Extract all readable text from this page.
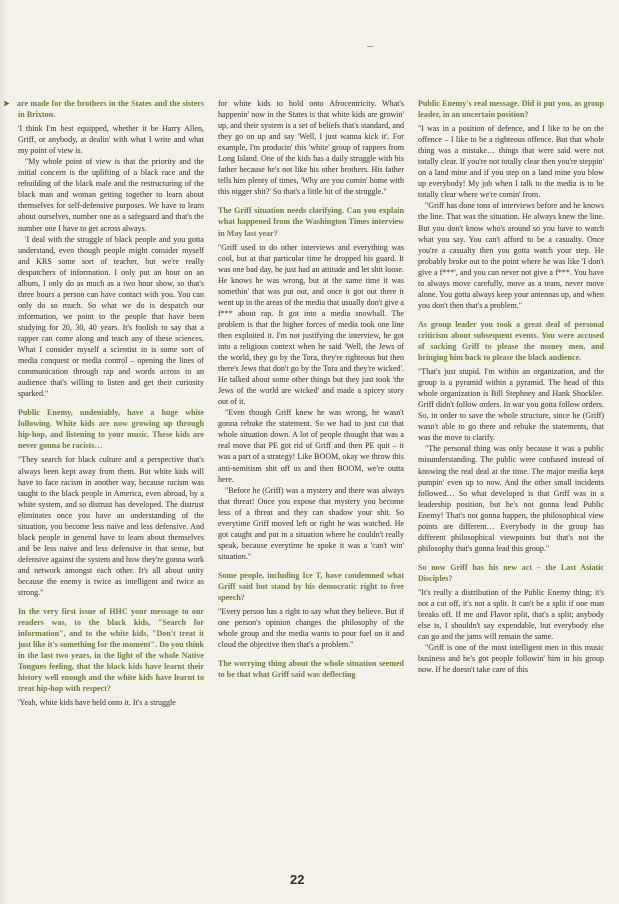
➤ are made for the brothers in the States and the sisters in Brixton.

'I think I'm best equipped, whether it be Harry Allen, Griff, or anybody, at dealin' with what I write and what my point of view is.

"My whole point of view is that the priority and the initial concern is the uplifting of a black race and the rebuilding of the black male and the restructuring of the black man and woman getting together to learn about themselves for self-defensive purposes. We have to learn about ourselves, number one as a safeguard and that's the number one I have to get across always.

'I deal with the struggle of black people and you gotta understand, even though people might consider myself and KRS some sort of teacher, but we're really despatchers of information. I only put an hour on an album, I only do as much as a two hour show, so that's three hours a person can have contact with you. You can only do so much. So what we do is despatch our information, we point to the people that have been studying for 20, 30, 40 years. It's foolish to say that a rapper can come along and teach any of these sciences. What I consider myself a scientist in is some sort of media conquest or media control – opening the lines of communication through rap and words across to an audience that's willing to listen and get their curiosity sparked."

Public Enemy, undeniably, have a huge white following. White kids are now growing up through hip-hop, and listening to your music. These kids are never gonna be racists…

"They search for black culture and a perspective that's always been kept away from them. But white kids will have to face racism in another way, because racism was taught to the black people in America, even abroad, by a white system, and so distrust has developed. The distrust eliminates once you have an understanding of the situation, you become less naive and less defensive. And black people in general have to learn about themselves and be less naive and less defensive in that sense, but defensive against the system and how they're gonna work and network amongst each other. It's all about unity because the enemy is twice as intelligent and twice as strong."

In the very first issue of HHC your message to our readers was, to the black kids, "Search for information", and to the white kids, "Don't treat it just like it's something for the moment". Do you think in the last two years, in the light of the whole Native Tongues feeling, that the black kids have learnt their history well enough and the white kids have learnt to treat hip-hop with respect?

'Yeah, white kids have held onto it. It's a struggle

for white kids to hold onto Afrocentricity. What's happenin' now in the States is that white kids are growin' up, and their system is a set of beliefs that's standard, and they go on up and say 'Well, I just wanna kick it'. For example, I'm producin' this 'white' group of rappers from Long Island. One of the kids has a daily struggle with his father because he's not like his other brothers. His father tells him plenty of times, 'Why are you comin' home with this nigger shit?' So that's a little bit of the struggle."

The Griff situation needs clarifying. Can you explain what happened from the Washington Times interview in May last year?

"Griff used to do other interviews and everything was cool, but at that particular time he dropped his guard. It was one bad day, he just had an attitude and let shit loose. He knows he was wrong, but at the same time it was somethin' that was put out, and once it got out there it went up in the areas of the media that usually don't give a f*** about rap. It got into a media snowball. The problem is that the higher forces of media took one line then exploited it. I'm not justifying the interview, he got into a religious context when he said 'Well, the Jews of the world, they go by the Tora, they're righteous but then there's Jews that don't go by the Tora and they're wicked'. He talked about some other things but they just took 'the Jews of the world are wicked' and made a spicey story out of it.

"Even though Griff knew he was wrong, he wasn't gonna rebuke the statement. So we had to just cut that whole situation down. A lot of people thought that was a real move that PE got rid of Griff and then PE quit – it was a part of a strategy! Like BOOM, okay we throw this anti-semitism shit off us and then BOOM, we're outta here.

"Before he (Griff) was a mystery and there was always that threat! Once you expose that mystery you become less of a threat and they can shadow your shit. So everytime Griff moved left or right he was watched. He got caught and put in a situation where he couldn't really speak, because everytime he spoke it was a 'can't win' situation."

Some people, including Ice T, have condemned what Griff said but stand by his democratic right to free speech?

"Every person has a right to say what they believe. But if one person's opinion changes the philosophy of the whole group and the media wants to pour fuel on it and cloud the objective then that's a problem."

The worrying thing about the whole situation seemed to be that what Griff said was deflecting

Public Enemy's real message. Did it put you, as group leader, in an uncertain position?

"I was in a position of defence, and I like to be on the offence – I like to be a righteous offence. But that whole thing was a mistake… things that were said were not totally clear. If you're not totally clear then you're steppin' on a land mine and if you step on a land mine you blow up everybody! My job when I talk to the media is to be totally clear where we're comin' from.

"Griff has done tons of interviews before and he knows the line. That was the situation. He always knew the line. But you don't know who's around so you have to watch what you say. You can't afford to be a casualty. Once you're a casualty then you gotta watch your step. He probably broke out to the point where he was like 'I don't give a f***', and you can never not give a f***. You have to always move carefully, move as a team, never move alone. You gotta always keep your antennas up, and when you don't then that's a problem."

As group leader you took a great deal of personal criticism about subsequent events. You were accused of sacking Griff to please the money men, and bringing him back to please the black audience.

"That's just stupid. I'm within an organization, and the group is a pyramid within a pyramid. The head of this whole organization is Bill Stephney and Hank Shocklee. Griff didn't follow orders. In war you gotta follow orders. So, in order to save the whole structure, since he (Griff) wasn't able to go there and rebuke the statements, that was the move to clarify.

"The personal thing was only because it was a public misunderstanding. The public were confused instead of knowing the real deal at the time. The major media kept pumpin' even up to now. And the other small incidents followed… So what developed is that Griff was in a leadership position, but he's not gonna lead Public Enemy! That's not gonna happen, the philosophical view points are different… Everybody in the group has different philosophical viewpoints but that's not the philosophy that's gonna lead this group."

So now Griff has his new act – the Last Asiatic Disciples?

"It's really a distribution of the Public Enemy thing; it's not a cut off, it's not a split. It can't be a split if one man breaks off. If me and Flavor split, that's a split; anybody else is, I shouldn't say expendable, but everybody else can go and the jams will remain the same.

"Griff is one of the most intelligent men in this music business and he's got people followin' him in his group now. If he doesn't take care of this

22
